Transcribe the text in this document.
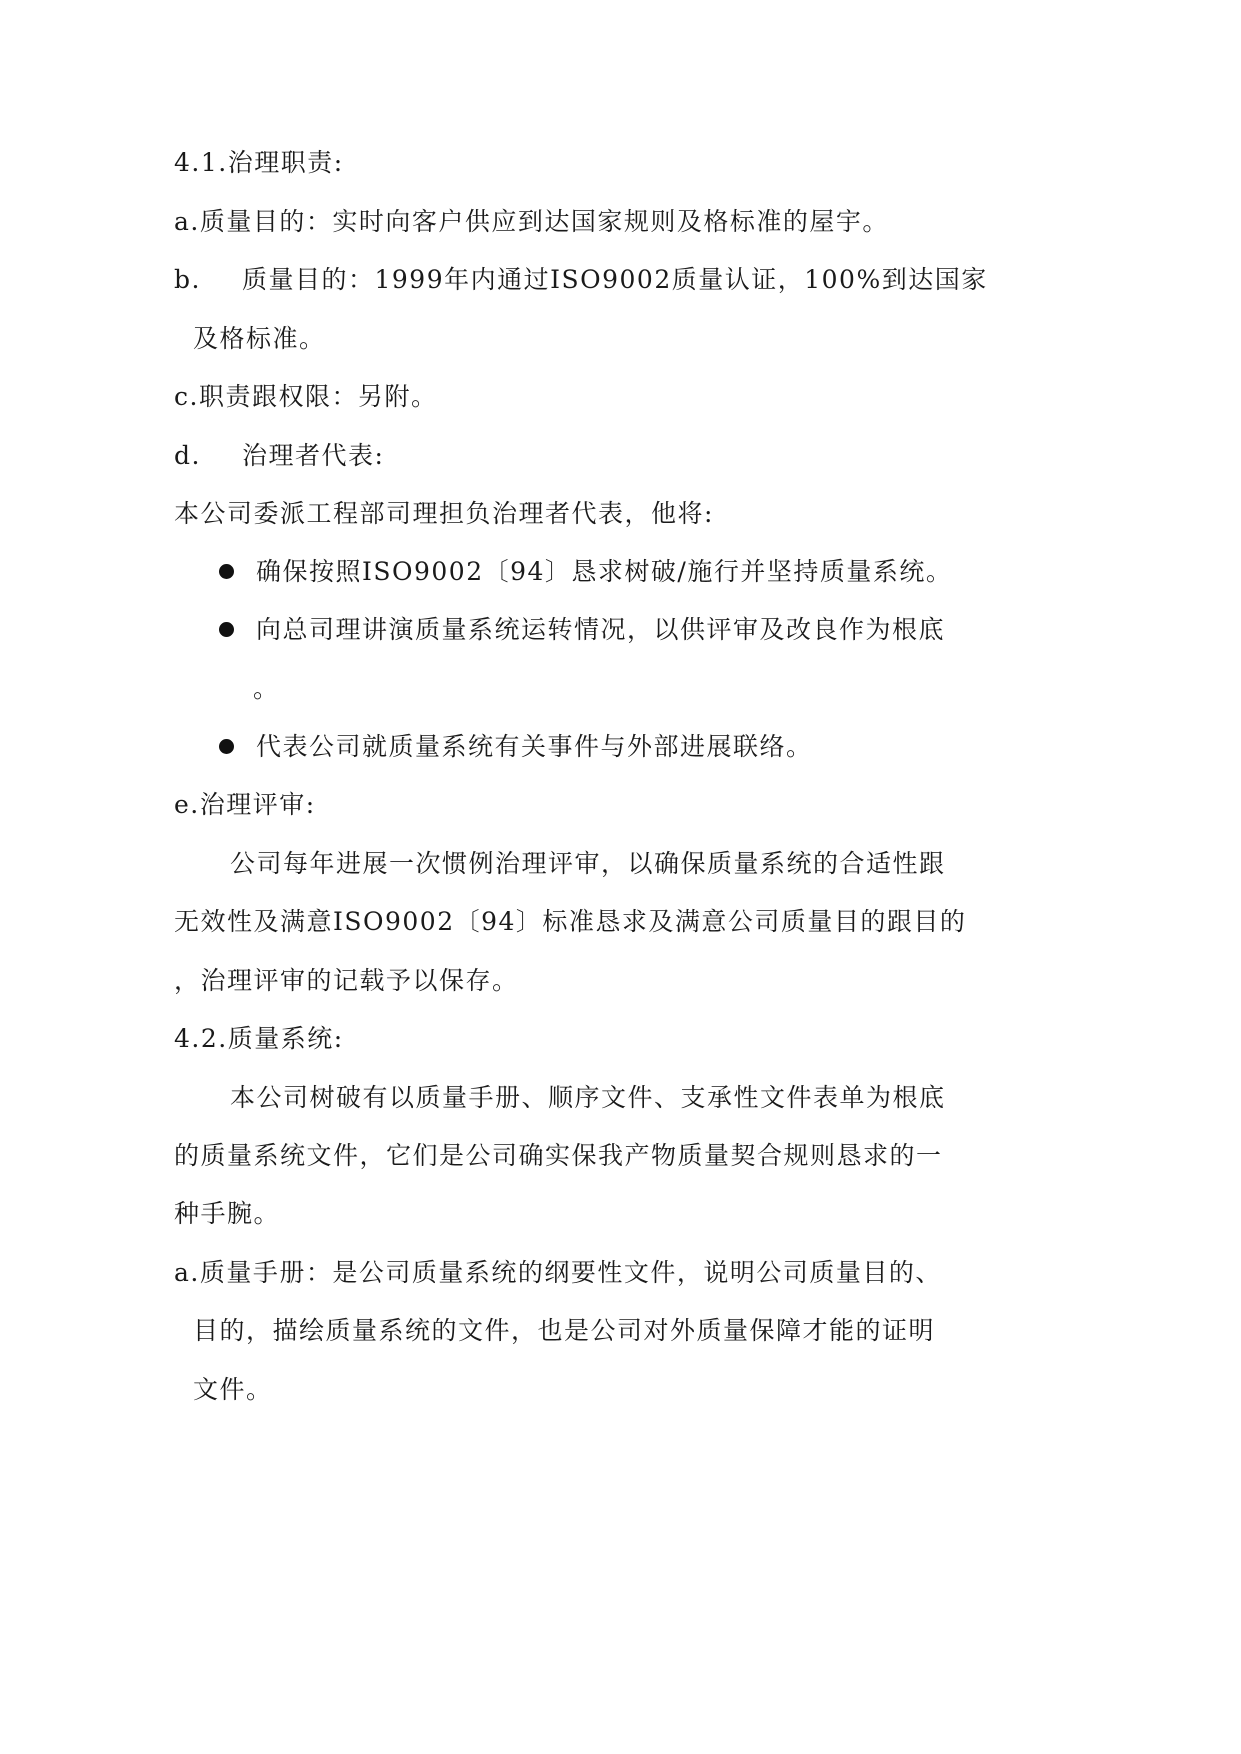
4.1.治理职责:

a.质量目的：实时向客户供应到达国家规则及格标准的屋宇。

b. 质量目的：1999年内通过ISO9002质量认证，100%到达国家

及格标准。

c.职责跟权限：另附。

d. 治理者代表:

本公司委派工程部司理担负治理者代表，他将:

确保按照ISO9002〔94〕恳求树破/施行并坚持质量系统。

向总司理讲演质量系统运转情况，以供评审及改良作为根底

。

代表公司就质量系统有关事件与外部进展联络。

e.治理评审:

公司每年进展一次惯例治理评审，以确保质量系统的合适性跟

无效性及满意ISO9002〔94〕标准恳求及满意公司质量目的跟目的

，治理评审的记载予以保存。

4.2.质量系统:

本公司树破有以质量手册、顺序文件、支承性文件表单为根底

的质量系统文件，它们是公司确实保我产物质量契合规则恳求的一

种手腕。

a.质量手册：是公司质量系统的纲要性文件，说明公司质量目的、

目的，描绘质量系统的文件，也是公司对外质量保障才能的证明

文件。
